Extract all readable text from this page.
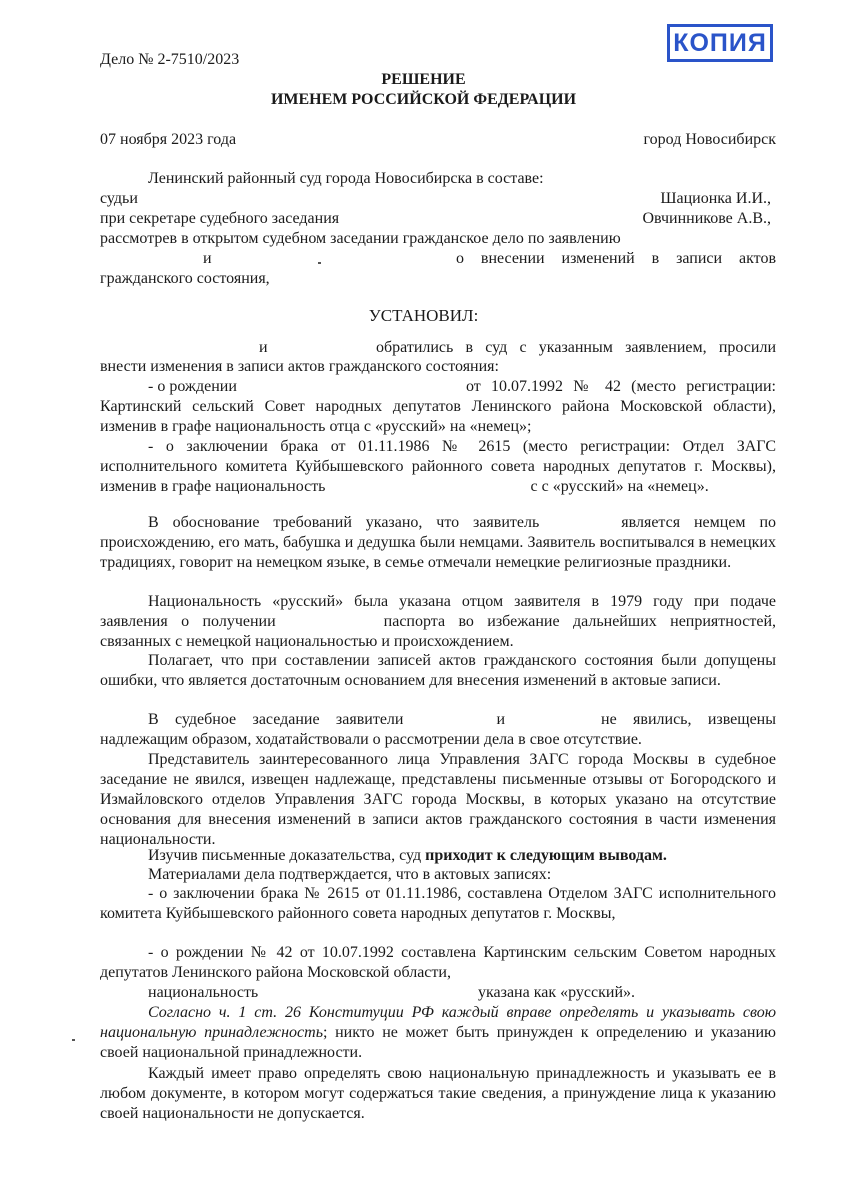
КОПИЯ
Дело № 2-7510/2023
РЕШЕНИЕ
ИМЕНЕМ РОССИЙСКОЙ ФЕДЕРАЦИИ
07 ноября 2023 года	город Новосибирск
Ленинский районный суд города Новосибирска в составе:
судьи	Шационка И.И.,
при секретаре судебного заседания	Овчинникове А.В.,
рассмотрев в открытом судебном заседании гражданское дело по заявлению
и	о внесении изменений в записи актов
гражданского состояния,
УСТАНОВИЛ:
и	обратились в суд с указанным заявлением, просили
внести изменения в записи актов гражданского состояния:
- о рождении	от 10.07.1992 № 42 (место регистрации:
Картинский сельский Совет народных депутатов Ленинского района Московской области), изменив в графе национальность отца с «русский» на «немец»;
- о заключении брака от 01.11.1986 № 2615 (место регистрации: Отдел ЗАГС исполнительного комитета Куйбышевского районного совета народных депутатов г. Москвы), изменив в графе национальность	с с «русский» на «немец».
В обоснование требований указано, что заявитель	является немцем по происхождению, его мать, бабушка и дедушка были немцами. Заявитель воспитывался в немецких традициях, говорит на немецком языке, в семье отмечали немецкие религиозные праздники.
Национальность «русский» была указана отцом заявителя в 1979 году при подаче заявления о получении	паспорта во избежание дальнейших неприятностей, связанных с немецкой национальностью и происхождением.
Полагает, что при составлении записей актов гражданского состояния были допущены ошибки, что является достаточным основанием для внесения изменений в актовые записи.
В судебное заседание заявители	и	не явились, извещены надлежащим образом, ходатайствовали о рассмотрении дела в свое отсутствие.
Представитель заинтересованного лица Управления ЗАГС города Москвы в судебное заседание не явился, извещен надлежаще, представлены письменные отзывы от Богородского и Измайловского отделов Управления ЗАГС города Москвы, в которых указано на отсутствие основания для внесения изменений в записи актов гражданского состояния в части изменения национальности.
Изучив письменные доказательства, суд приходит к следующим выводам.
Материалами дела подтверждается, что в актовых записях:
- о заключении брака № 2615 от 01.11.1986, составлена Отделом ЗАГС исполнительного комитета Куйбышевского районного совета народных депутатов г. Москвы,
- о рождении № 42 от 10.07.1992 составлена Картинским сельским Советом народных депутатов Ленинского района Московской области,
национальность	указана как «русский».
Согласно ч. 1 ст. 26 Конституции РФ каждый вправе определять и указывать свою национальную принадлежность; никто не может быть принужден к определению и указанию своей национальной принадлежности.
Каждый имеет право определять свою национальную принадлежность и указывать ее в любом документе, в котором могут содержаться такие сведения, а принуждение лица к указанию своей национальности не допускается.
